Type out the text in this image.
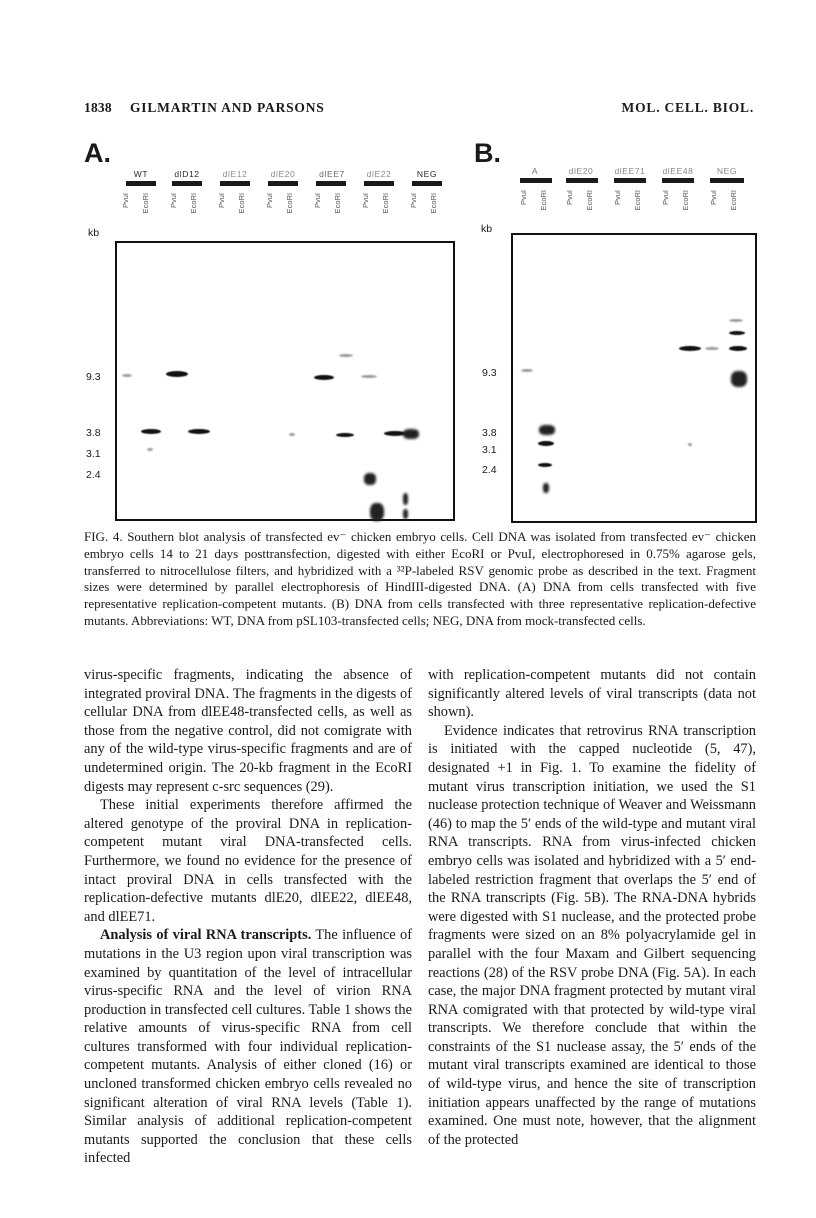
1838 GILMARTIN AND PARSONS	MOL. CELL. BIOL.
A.
WT	dlD12	dlE12	dlE20	dlEE7	dlE22	NEG
PvuI EcoRI	PvuI EcoRI	PvuI EcoRI	PvuI EcoRI	PvuI EcoRI	PvuI EcoRI	PvuI EcoRI
kb
9.3
3.8
3.1
2.4
B.
A	dlE20	dlEE71 dlEE48	NEG
PvuI EcoRI PvuI EcoRI	PvuI EcoRI	PvuI EcoRI	PvuI EcoRI
kb
9.3
3.8
3.1
2.4

FIG. 4. Southern blot analysis of transfected ev⁻ chicken embryo cells. Cell DNA was isolated from transfected ev⁻ chicken embryo cells 14 to 21 days posttransfection, digested with either EcoRI or PvuI, electrophoresed in 0.75% agarose gels, transferred to nitrocellulose filters, and hybridized with a ³²P-labeled RSV genomic probe as described in the text. Fragment sizes were determined by parallel electrophoresis of HindIII-digested DNA. (A) DNA from cells transfected with five representative replication-competent mutants. (B) DNA from cells transfected with three representative replication-defective mutants. Abbreviations: WT, DNA from pSL103-transfected cells; NEG, DNA from mock-transfected cells.

virus-specific fragments, indicating the absence of integrated proviral DNA. The fragments in the digests of cellular DNA from dlEE48-transfected cells, as well as those from the negative control, did not comigrate with any of the wild-type virus-specific fragments and are of undetermined origin. The 20-kb fragment in the EcoRI digests may represent c-src sequences (29).

These initial experiments therefore affirmed the altered genotype of the proviral DNA in replication-competent mutant viral DNA-transfected cells. Furthermore, we found no evidence for the presence of intact proviral DNA in cells transfected with the replication-defective mutants dlE20, dlEE22, dlEE48, and dlEE71.

Analysis of viral RNA transcripts. The influence of mutations in the U3 region upon viral transcription was examined by quantitation of the level of intracellular virus-specific RNA and the level of virion RNA production in transfected cell cultures. Table 1 shows the relative amounts of virus-specific RNA from cell cultures transformed with four individual replication-competent mutants. Analysis of either cloned (16) or uncloned transformed chicken embryo cells revealed no significant alteration of viral RNA levels (Table 1). Similar analysis of additional replication-competent mutants supported the conclusion that these cells infected

with replication-competent mutants did not contain significantly altered levels of viral transcripts (data not shown).

Evidence indicates that retrovirus RNA transcription is initiated with the capped nucleotide (5, 47), designated +1 in Fig. 1. To examine the fidelity of mutant virus transcription initiation, we used the S1 nuclease protection technique of Weaver and Weissmann (46) to map the 5′ ends of the wild-type and mutant viral RNA transcripts. RNA from virus-infected chicken embryo cells was isolated and hybridized with a 5′ end-labeled restriction fragment that overlaps the 5′ end of the RNA transcripts (Fig. 5B). The RNA-DNA hybrids were digested with S1 nuclease, and the protected probe fragments were sized on an 8% polyacrylamide gel in parallel with the four Maxam and Gilbert sequencing reactions (28) of the RSV probe DNA (Fig. 5A). In each case, the major DNA fragment protected by mutant viral RNA comigrated with that protected by wild-type viral transcripts. We therefore conclude that within the constraints of the S1 nuclease assay, the 5′ ends of the mutant viral transcripts examined are identical to those of wild-type virus, and hence the site of transcription initiation appears unaffected by the range of mutations examined. One must note, however, that the alignment of the protected
